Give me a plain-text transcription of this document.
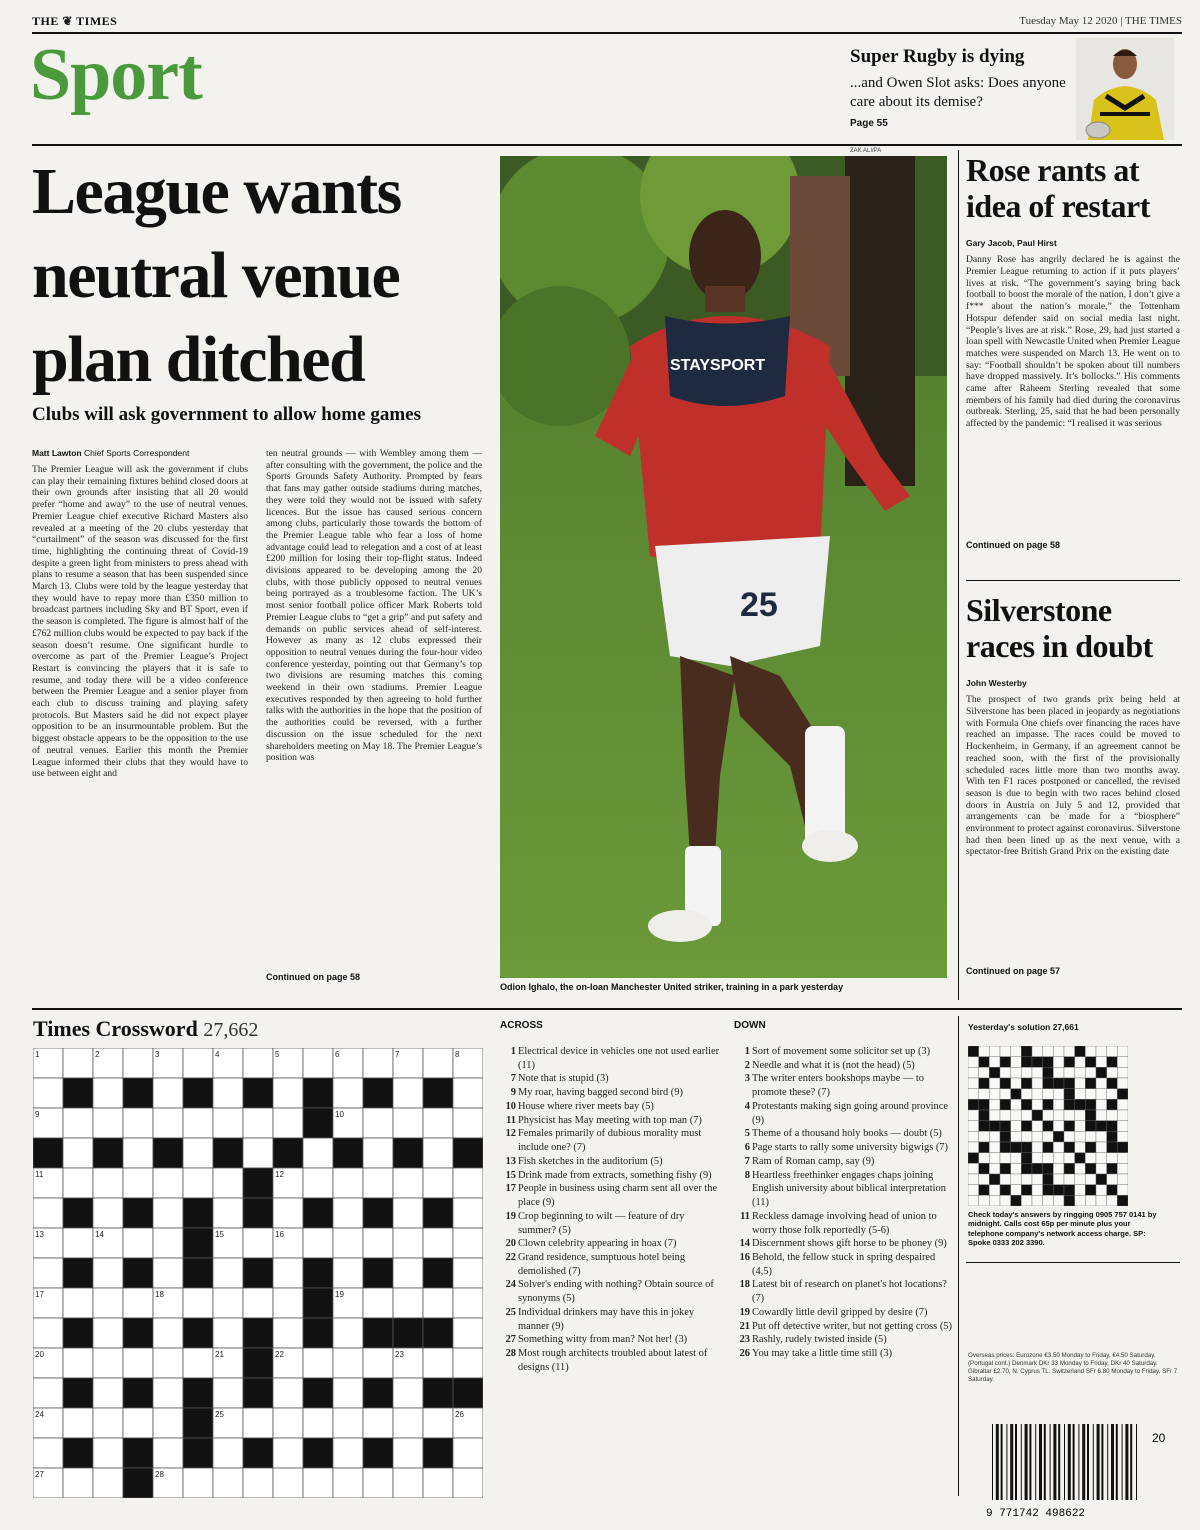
THE ❦ TIMES	Tuesday May 12 2020 | THE TIMES
Sport	Super Rugby is dying
...and Owen Slot asks: Does anyone care about its demise?
Page 55
League wants
neutral venue
plan ditched
Clubs will ask government to allow home games
Matt Lawton Chief Sports Correspondent
The Premier League will ask the government if clubs can play their remaining fixtures behind closed doors at their own grounds after insisting that all 20 would prefer “home and away” to the use of neutral venues. Premier League chief executive Richard Masters also revealed at a meeting of the 20 clubs yesterday that “curtailment” of the season was discussed for the first time, highlighting the continuing threat of Covid-19 despite a green light from ministers to press ahead with plans to resume a season that has been suspended since March 13. Clubs were told by the league yesterday that they would have to repay more than £350 million to broadcast partners including Sky and BT Sport, even if the season is completed. The figure is almost half of the £762 million clubs would be expected to pay back if the season doesn’t resume. One significant hurdle to overcome as part of the Premier League’s Project Restart is convincing the players that it is safe to resume, and today there will be a video conference between the Premier League and a senior player from each club to discuss training and playing safety protocols. But Masters said he did not expect player opposition to be an insurmountable problem. But the biggest obstacle appears to be the opposition to the use of neutral venues. Earlier this month the Premier League informed their clubs that they would have to use between eight and
ten neutral grounds — with Wembley among them — after consulting with the government, the police and the Sports Grounds Safety Authority. Prompted by fears that fans may gather outside stadiums during matches, they were told they would not be issued with safety licences. But the issue has caused serious concern among clubs, particularly those towards the bottom of the Premier League table who fear a loss of home advantage could lead to relegation and a cost of at least £200 million for losing their top-flight status. Indeed divisions appeared to be developing among the 20 clubs, with those publicly opposed to neutral venues being portrayed as a troublesome faction. The UK’s most senior football police officer Mark Roberts told Premier League clubs to “get a grip” and put safety and demands on public services ahead of self-interest. However as many as 12 clubs expressed their opposition to neutral venues during the four-hour video conference yesterday, pointing out that Germany’s top two divisions are resuming matches this coming weekend in their own stadiums. Premier League executives responded by then agreeing to hold further talks with the authorities in the hope that the position of the authorities could be reversed, with a further discussion on the issue scheduled for the next shareholders meeting on May 18. The Premier League’s position was
Continued on page 58
ZAK ALI/PA
STAYSPORT
25
Odion Ighalo, the on-loan Manchester United striker, training in a park yesterday
Rose rants at idea of restart
Gary Jacob, Paul Hirst
Danny Rose has angrily declared he is against the Premier League returning to action if it puts players’ lives at risk. “The government’s saying bring back football to boost the morale of the nation, I don’t give a f*** about the nation’s morale,” the Tottenham Hotspur defender said on social media last night. “People’s lives are at risk.” Rose, 29, had just started a loan spell with Newcastle United when Premier League matches were suspended on March 13. He went on to say: “Football shouldn’t be spoken about till numbers have dropped massively. It’s bollocks.” His comments came after Raheem Sterling revealed that some members of his family had died during the coronavirus outbreak. Sterling, 25, said that he had been personally affected by the pandemic: “I realised it was serious
Continued on page 58
Silverstone races in doubt
John Westerby
The prospect of two grands prix being held at Silverstone has been placed in jeopardy as negotiations with Formula One chiefs over financing the races have reached an impasse. The races could be moved to Hockenheim, in Germany, if an agreement cannot be reached soon, with the first of the provisionally scheduled races little more than two months away. With ten F1 races postponed or cancelled, the revised season is due to begin with two races behind closed doors in Austria on July 5 and 12, provided that arrangements can be made for a “biosphere” environment to protect against coronavirus. Silverstone had then been lined up as the next venue, with a spectator-free British Grand Prix on the existing date
Continued on page 57
Times Crossword 27,662
1	2	3	4	5	6	7	8
9	10
11	12
13	14	15	16
17	18	19
20	21	22	23
24	25	26
27	28
ACROSS
1 Electrical device in vehicles one not used earlier (11)
7 Note that is stupid (3)
9 My roar, having bagged second bird (9)
10 House where river meets bay (5)
11 Physicist has May meeting with top man (7)
12 Females primarily of dubious morality must include one? (7)
13 Fish sketches in the auditorium (5)
15 Drink made from extracts, something fishy (9)
17 People in business using charm sent all over the place (9)
19 Crop beginning to wilt — feature of dry summer? (5)
20 Clown celebrity appearing in hoax (7)
22 Grand residence, sumptuous hotel being demolished (7)
24 Solver's ending with nothing? Obtain source of synonyms (5)
25 Individual drinkers may have this in jokey manner (9)
27 Something witty from man? Not her! (3)
28 Most rough architects troubled about latest of designs (11)
DOWN
1 Sort of movement some solicitor set up (3)
2 Needle and what it is (not the head) (5)
3 The writer enters bookshops maybe — to promote these? (7)
4 Protestants making sign going around province (9)
5 Theme of a thousand holy books — doubt (5)
6 Page starts to rally some university bigwigs (7)
7 Ram of Roman camp, say (9)
8 Heartless freethinker engages chaps joining English university about biblical interpretation (11)
11 Reckless damage involving head of union to worry those folk reportedly (5-6)
14 Discernment shows gift horse to be phoney (9)
16 Behold, the fellow stuck in spring despaired (4,5)
18 Latest bit of research on planet's hot locations? (7)
19 Cowardly little devil gripped by desire (7)
21 Put off detective writer, but not getting cross (5)
23 Rashly, rudely twisted inside (5)
26 You may take a little time still (3)
Yesterday's solution 27,661
Check today's answers by ringging 0905 757 0141 by midnight. Calls cost 65p per minute plus your telephone company's network access charge. SP: Spoke 0333 202 3390.
Overseas prices: Eurozone €3.50 Monday to Friday, €4.50 Saturday. (Portugal cont.) Denmark DKr 33 Monday to Friday, DKr 40 Saturday. Gibraltar £2.70, N. Cyprus TL. Switzerland SFr 6.80 Monday to Friday, SFr 7 Saturday.
9 771742 498622
20
